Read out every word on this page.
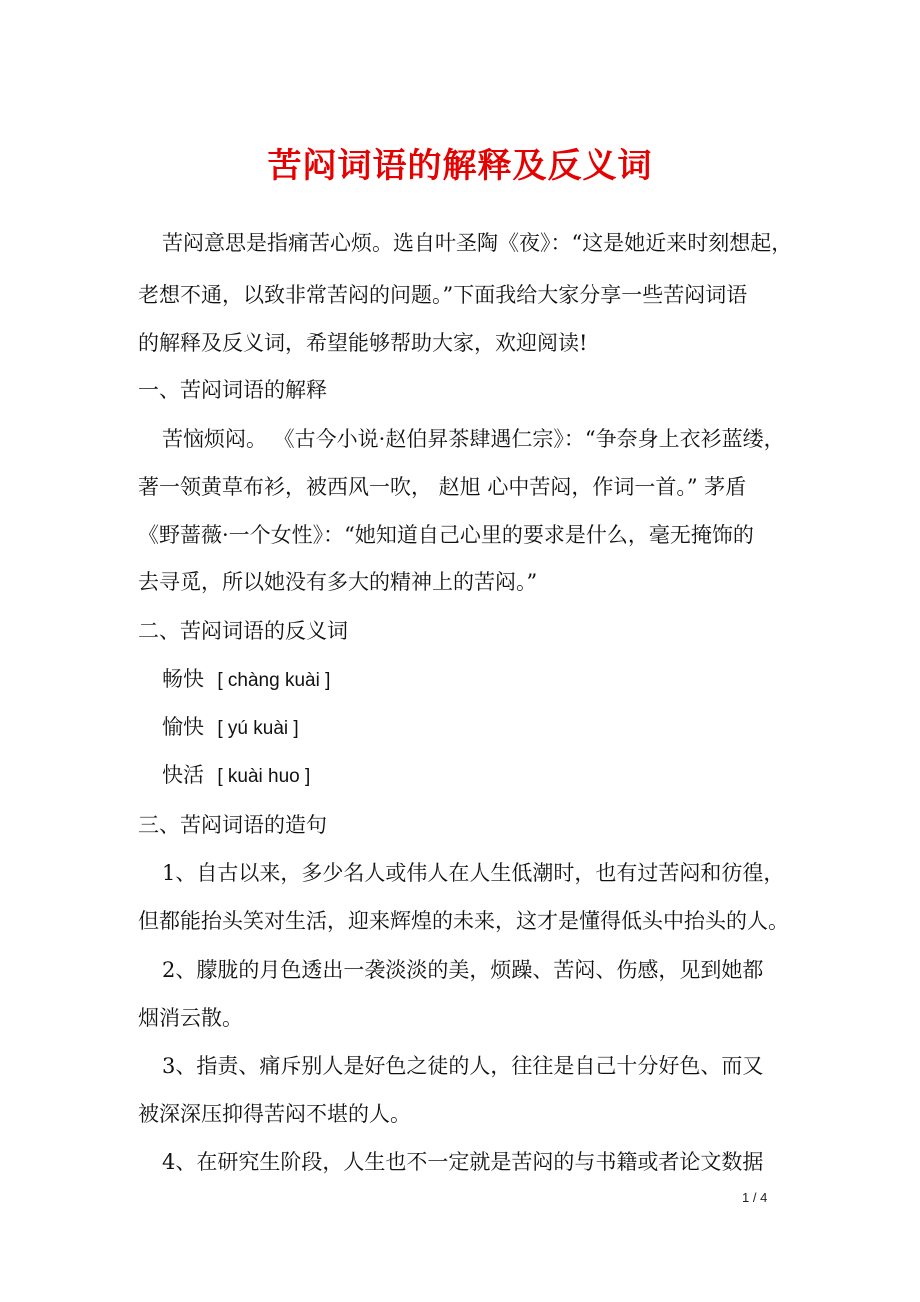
苦闷词语的解释及反义词
苦闷意思是指痛苦心烦。选自叶圣陶《夜》：“这是她近来时刻想起，
老想不通，以致非常苦闷的问题。”下面我给大家分享一些苦闷词语
的解释及反义词，希望能够帮助大家，欢迎阅读!
一、苦闷词语的解释
苦恼烦闷。 《古今小说·赵伯昇茶肆遇仁宗》：“争奈身上衣衫蓝缕，
著一领黄草布衫，被西风一吹， 赵旭 心中苦闷，作词一首。” 茅盾
《野蔷薇·一个女性》：“她知道自己心里的要求是什么，毫无掩饰的
去寻觅，所以她没有多大的精神上的苦闷。”
二、苦闷词语的反义词
畅快 [ chàng kuài ]
愉快 [ yú kuài ]
快活 [ kuài huo ]
三、苦闷词语的造句
1、自古以来，多少名人或伟人在人生低潮时，也有过苦闷和彷徨，
但都能抬头笑对生活，迎来辉煌的未来，这才是懂得低头中抬头的人。
2、朦胧的月色透出一袭淡淡的美，烦躁、苦闷、伤感，见到她都
烟消云散。
3、指责、痛斥别人是好色之徒的人，往往是自己十分好色、而又
被深深压抑得苦闷不堪的人。
4、在研究生阶段，人生也不一定就是苦闷的与书籍或者论文数据
1 / 4
